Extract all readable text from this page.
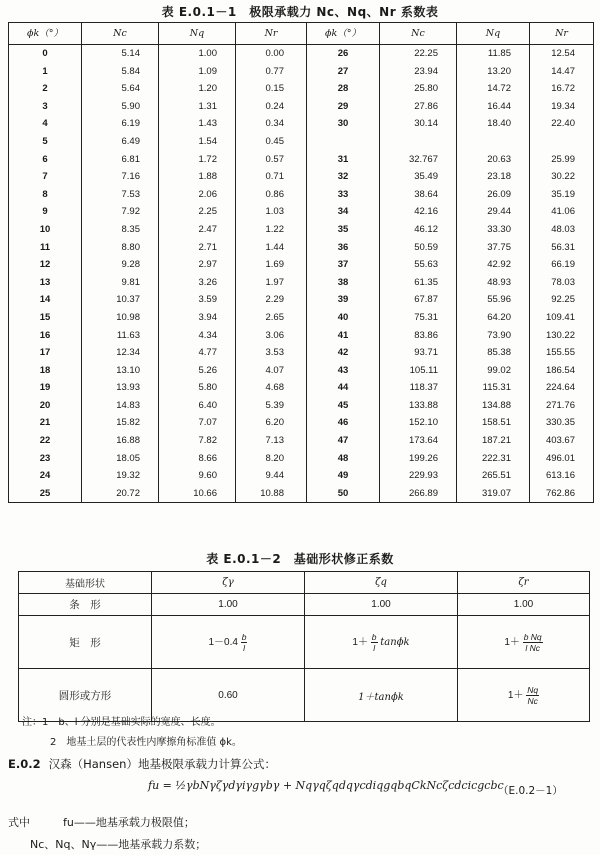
表 E.0.1－1　极限承载力 Nc、Nq、Nr 系数表
ϕk（°）	Nc	Nq	Nr	ϕk（°）	Nc	Nq	Nr
0	5.14	1.00	0.00	26	22.25	11.85	12.54
1	5.84	1.09	0.77	27	23.94	13.20	14.47
2	5.64	1.20	0.15	28	25.80	14.72	16.72
3	5.90	1.31	0.24	29	27.86	16.44	19.34
4	6.19	1.43	0.34	30	30.14	18.40	22.40
5	6.49	1.54	0.45				
6	6.81	1.72	0.57	31	32.767	20.63	25.99
7	7.16	1.88	0.71	32	35.49	23.18	30.22
8	7.53	2.06	0.86	33	38.64	26.09	35.19
9	7.92	2.25	1.03	34	42.16	29.44	41.06
10	8.35	2.47	1.22	35	46.12	33.30	48.03
11	8.80	2.71	1.44	36	50.59	37.75	56.31
12	9.28	2.97	1.69	37	55.63	42.92	66.19
13	9.81	3.26	1.97	38	61.35	48.93	78.03
14	10.37	3.59	2.29	39	67.87	55.96	92.25
15	10.98	3.94	2.65	40	75.31	64.20	109.41
16	11.63	4.34	3.06	41	83.86	73.90	130.22
17	12.34	4.77	3.53	42	93.71	85.38	155.55
18	13.10	5.26	4.07	43	105.11	99.02	186.54
19	13.93	5.80	4.68	44	118.37	115.31	224.64
20	14.83	6.40	5.39	45	133.88	134.88	271.76
21	15.82	7.07	6.20	46	152.10	158.51	330.35
22	16.88	7.82	7.13	47	173.64	187.21	403.67
23	18.05	8.66	8.20	48	199.26	222.31	496.01
24	19.32	9.60	9.44	49	229.93	265.51	613.16
25	20.72	10.66	10.88	50	266.89	319.07	762.86
表 E.0.1－2　基础形状修正系数
基础形状	ζγ	ζq	ζr
条　形	1.00	1.00	1.00
矩　形	$1-0.4 \frac{b}{l}$	$1+ \frac{b}{l}$ tanϕk	$1+ \frac{\text{b Nq}}{\text{l Nc}}$

圆形或方形	0.60	1＋tanϕk	$1+ \frac{Nq}{Nc}$
注：1　b、l 分别是基础实际的宽度、长度。
2　地基土层的代表性内摩擦角标准值 ϕk。
E.0.2 汉森（Hansen）地基极限承载力计算公式：
fu = ½γbNγζγdγiγgγbγ + NqγqζqdqγcdiqgqbqCkNcζcdcicgcbc
（E.0.2－1）
式中　　　fu——地基承载力极限值；
Nc、Nq、Nγ——地基承载力系数；
